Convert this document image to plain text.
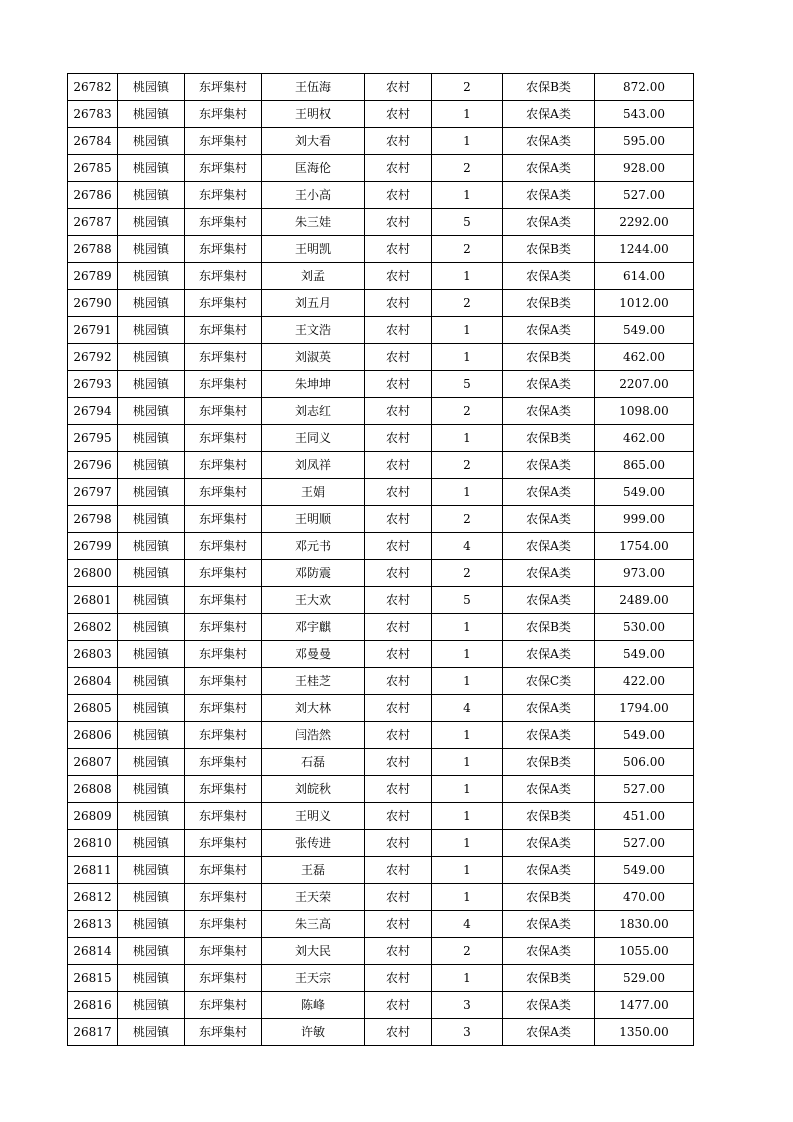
26782	桃园镇	东坪集村	王伍海	农村	2	农保B类	872.00
26783	桃园镇	东坪集村	王明权	农村	1	农保A类	543.00
26784	桃园镇	东坪集村	刘大看	农村	1	农保A类	595.00
26785	桃园镇	东坪集村	匡海伦	农村	2	农保A类	928.00
26786	桃园镇	东坪集村	王小高	农村	1	农保A类	527.00
26787	桃园镇	东坪集村	朱三娃	农村	5	农保A类	2292.00
26788	桃园镇	东坪集村	王明凯	农村	2	农保B类	1244.00
26789	桃园镇	东坪集村	刘孟	农村	1	农保A类	614.00
26790	桃园镇	东坪集村	刘五月	农村	2	农保B类	1012.00
26791	桃园镇	东坪集村	王文浩	农村	1	农保A类	549.00
26792	桃园镇	东坪集村	刘淑英	农村	1	农保B类	462.00
26793	桃园镇	东坪集村	朱坤坤	农村	5	农保A类	2207.00
26794	桃园镇	东坪集村	刘志红	农村	2	农保A类	1098.00
26795	桃园镇	东坪集村	王同义	农村	1	农保B类	462.00
26796	桃园镇	东坪集村	刘凤祥	农村	2	农保A类	865.00
26797	桃园镇	东坪集村	王娟	农村	1	农保A类	549.00
26798	桃园镇	东坪集村	王明顺	农村	2	农保A类	999.00
26799	桃园镇	东坪集村	邓元书	农村	4	农保A类	1754.00
26800	桃园镇	东坪集村	邓防震	农村	2	农保A类	973.00
26801	桃园镇	东坪集村	王大欢	农村	5	农保A类	2489.00
26802	桃园镇	东坪集村	邓宇麒	农村	1	农保B类	530.00
26803	桃园镇	东坪集村	邓曼曼	农村	1	农保A类	549.00
26804	桃园镇	东坪集村	王桂芝	农村	1	农保C类	422.00
26805	桃园镇	东坪集村	刘大林	农村	4	农保A类	1794.00
26806	桃园镇	东坪集村	闫浩然	农村	1	农保A类	549.00
26807	桃园镇	东坪集村	石磊	农村	1	农保B类	506.00
26808	桃园镇	东坪集村	刘皖秋	农村	1	农保A类	527.00
26809	桃园镇	东坪集村	王明义	农村	1	农保B类	451.00
26810	桃园镇	东坪集村	张传进	农村	1	农保A类	527.00
26811	桃园镇	东坪集村	王磊	农村	1	农保A类	549.00
26812	桃园镇	东坪集村	王天荣	农村	1	农保B类	470.00
26813	桃园镇	东坪集村	朱三高	农村	4	农保A类	1830.00
26814	桃园镇	东坪集村	刘大民	农村	2	农保A类	1055.00
26815	桃园镇	东坪集村	王天宗	农村	1	农保B类	529.00
26816	桃园镇	东坪集村	陈峰	农村	3	农保A类	1477.00
26817	桃园镇	东坪集村	许敏	农村	3	农保A类	1350.00
